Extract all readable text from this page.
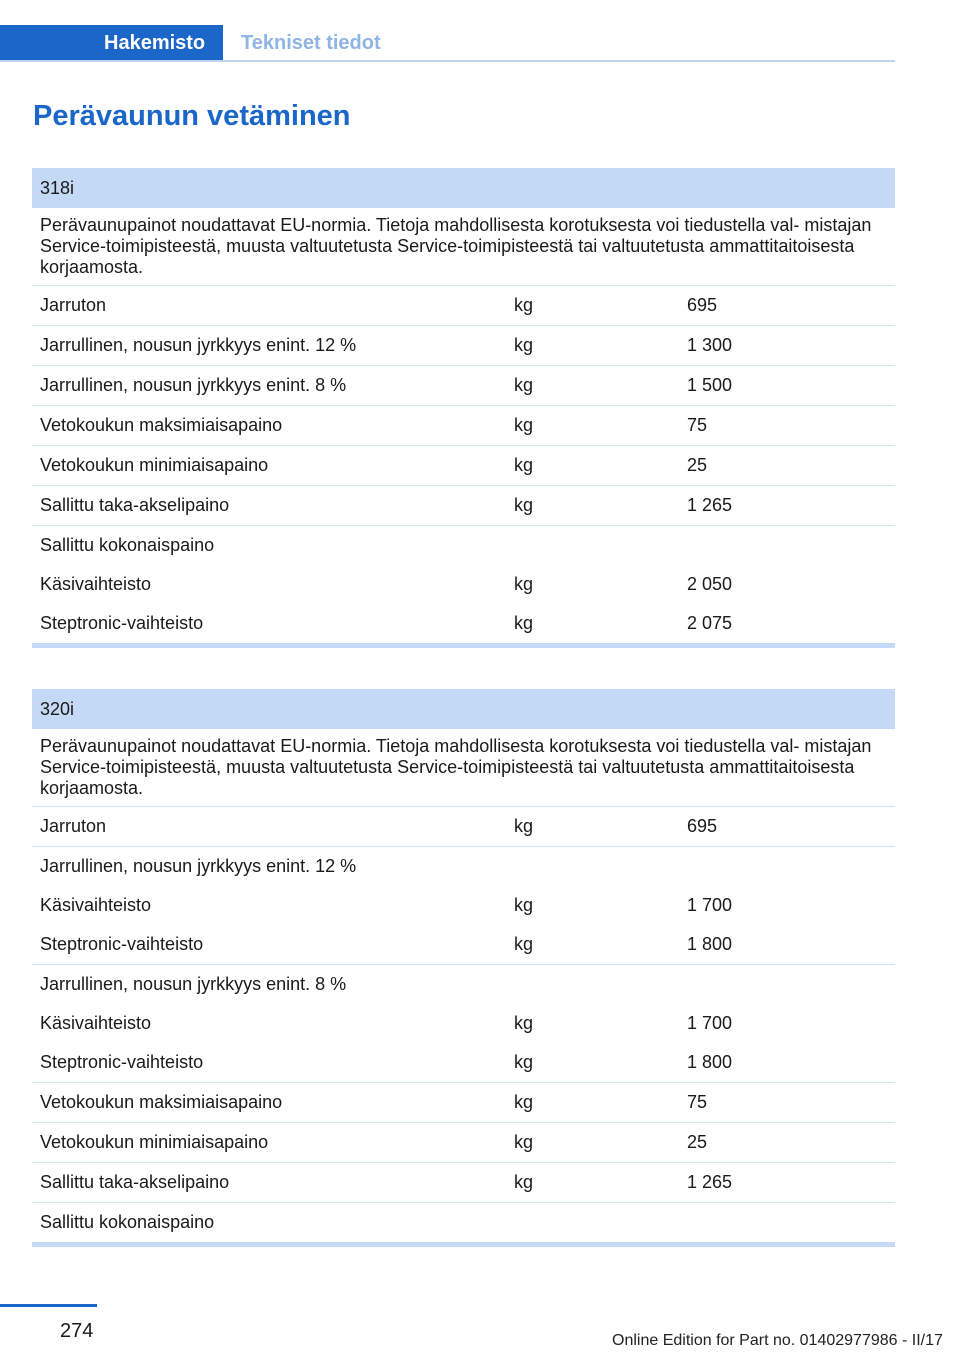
Hakemisto	Tekniset tiedot
Perävaunun vetäminen
318i
Perävaunupainot noudattavat EU-normia. Tietoja mahdollisesta korotuksesta voi tiedustella val‐ mistajan Service-toimipisteestä, muusta valtuutetusta Service-toimipisteestä tai valtuutetusta ammattitaitoisesta korjaamosta.
Jarruton	kg	695
Jarrullinen, nousun jyrkkyys enint. 12 %	kg	1 300
Jarrullinen, nousun jyrkkyys enint. 8 %	kg	1 500
Vetokoukun maksimiaisapaino	kg	75
Vetokoukun minimiaisapaino	kg	25
Sallittu taka-akselipaino	kg	1 265
Sallittu kokonaispaino
Käsivaihteisto	kg	2 050
Steptronic-vaihteisto	kg	2 075
320i
Perävaunupainot noudattavat EU-normia. Tietoja mahdollisesta korotuksesta voi tiedustella val‐ mistajan Service-toimipisteestä, muusta valtuutetusta Service-toimipisteestä tai valtuutetusta ammattitaitoisesta korjaamosta.
Jarruton	kg	695
Jarrullinen, nousun jyrkkyys enint. 12 %
Käsivaihteisto	kg	1 700
Steptronic-vaihteisto	kg	1 800
Jarrullinen, nousun jyrkkyys enint. 8 %
Käsivaihteisto	kg	1 700
Steptronic-vaihteisto	kg	1 800
Vetokoukun maksimiaisapaino	kg	75
Vetokoukun minimiaisapaino	kg	25
Sallittu taka-akselipaino	kg	1 265
Sallittu kokonaispaino
274	Online Edition for Part no. 01402977986 - II/17
